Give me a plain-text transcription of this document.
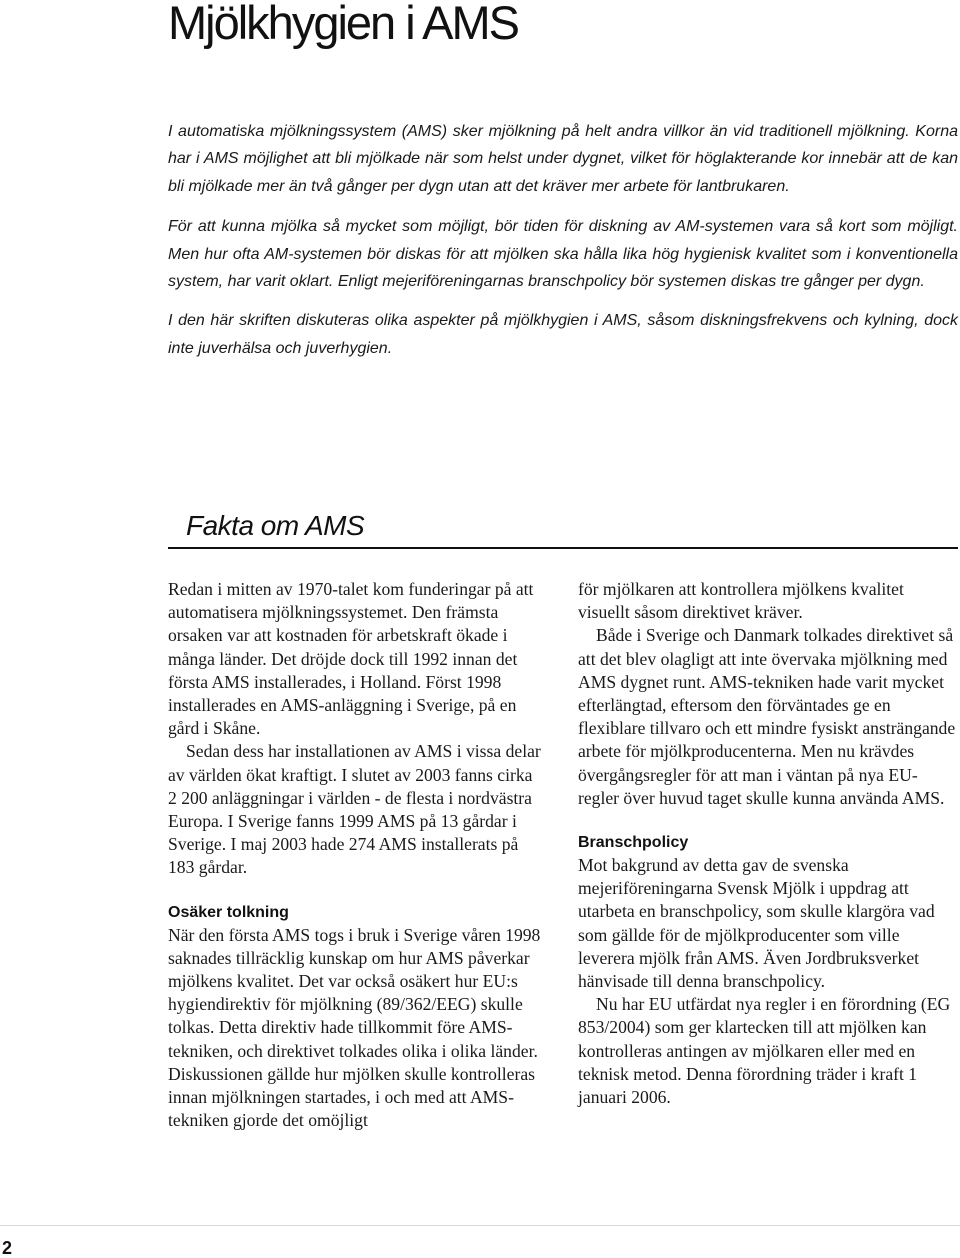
Mjölkhygien i AMS

I automatiska mjölkningssystem (AMS) sker mjölkning på helt andra villkor än vid traditionell mjölkning. Korna har i AMS möjlighet att bli mjölkade när som helst under dygnet, vilket för höglakterande kor innebär att de kan bli mjölkade mer än två gånger per dygn utan att det kräver mer arbete för lantbrukaren.

För att kunna mjölka så mycket som möjligt, bör tiden för diskning av AM-systemen vara så kort som möjligt. Men hur ofta AM-systemen bör diskas för att mjölken ska hålla lika hög hygienisk kvalitet som i konventionella system, har varit oklart. Enligt mejeriföreningarnas branschpolicy bör systemen diskas tre gånger per dygn.

I den här skriften diskuteras olika aspekter på mjölkhygien i AMS, såsom diskningsfrekvens och kylning, dock inte juverhälsa och juverhygien.

Fakta om AMS

Redan i mitten av 1970-talet kom funderingar på att automatisera mjölkningssystemet. Den främsta orsaken var att kostnaden för arbetskraft ökade i många länder. Det dröjde dock till 1992 innan det första AMS installerades, i Holland. Först 1998 installerades en AMS-anläggning i Sverige, på en gård i Skåne.

Sedan dess har installationen av AMS i vissa delar av världen ökat kraftigt. I slutet av 2003 fanns cirka 2 200 anläggningar i världen - de flesta i nordvästra Europa. I Sverige fanns 1999 AMS på 13 gårdar i Sverige. I maj 2003 hade 274 AMS installerats på 183 gårdar.

Osäker tolkning

När den första AMS togs i bruk i Sverige våren 1998 saknades tillräcklig kunskap om hur AMS påverkar mjölkens kvalitet. Det var också osäkert hur EU:s hygiendirektiv för mjölkning (89/362/EEG) skulle tolkas. Detta direktiv hade tillkommit före AMS-tekniken, och direktivet tolkades olika i olika länder. Diskussionen gällde hur mjölken skulle kontrolleras innan mjölkningen startades, i och med att AMS-tekniken gjorde det omöjligt

för mjölkaren att kontrollera mjölkens kvalitet visuellt såsom direktivet kräver.

Både i Sverige och Danmark tolkades direktivet så att det blev olagligt att inte övervaka mjölkning med AMS dygnet runt. AMS-tekniken hade varit mycket efterlängtad, eftersom den förväntades ge en flexiblare tillvaro och ett mindre fysiskt ansträngande arbete för mjölkproducenterna. Men nu krävdes övergångsregler för att man i väntan på nya EU-regler över huvud taget skulle kunna använda AMS.

Branschpolicy

Mot bakgrund av detta gav de svenska mejeriföreningarna Svensk Mjölk i uppdrag att utarbeta en branschpolicy, som skulle klargöra vad som gällde för de mjölkproducenter som ville leverera mjölk från AMS. Även Jordbruksverket hänvisade till denna branschpolicy.

Nu har EU utfärdat nya regler i en förordning (EG 853/2004) som ger klartecken till att mjölken kan kontrolleras antingen av mjölkaren eller med en teknisk metod. Denna förordning träder i kraft 1 januari 2006.

2
